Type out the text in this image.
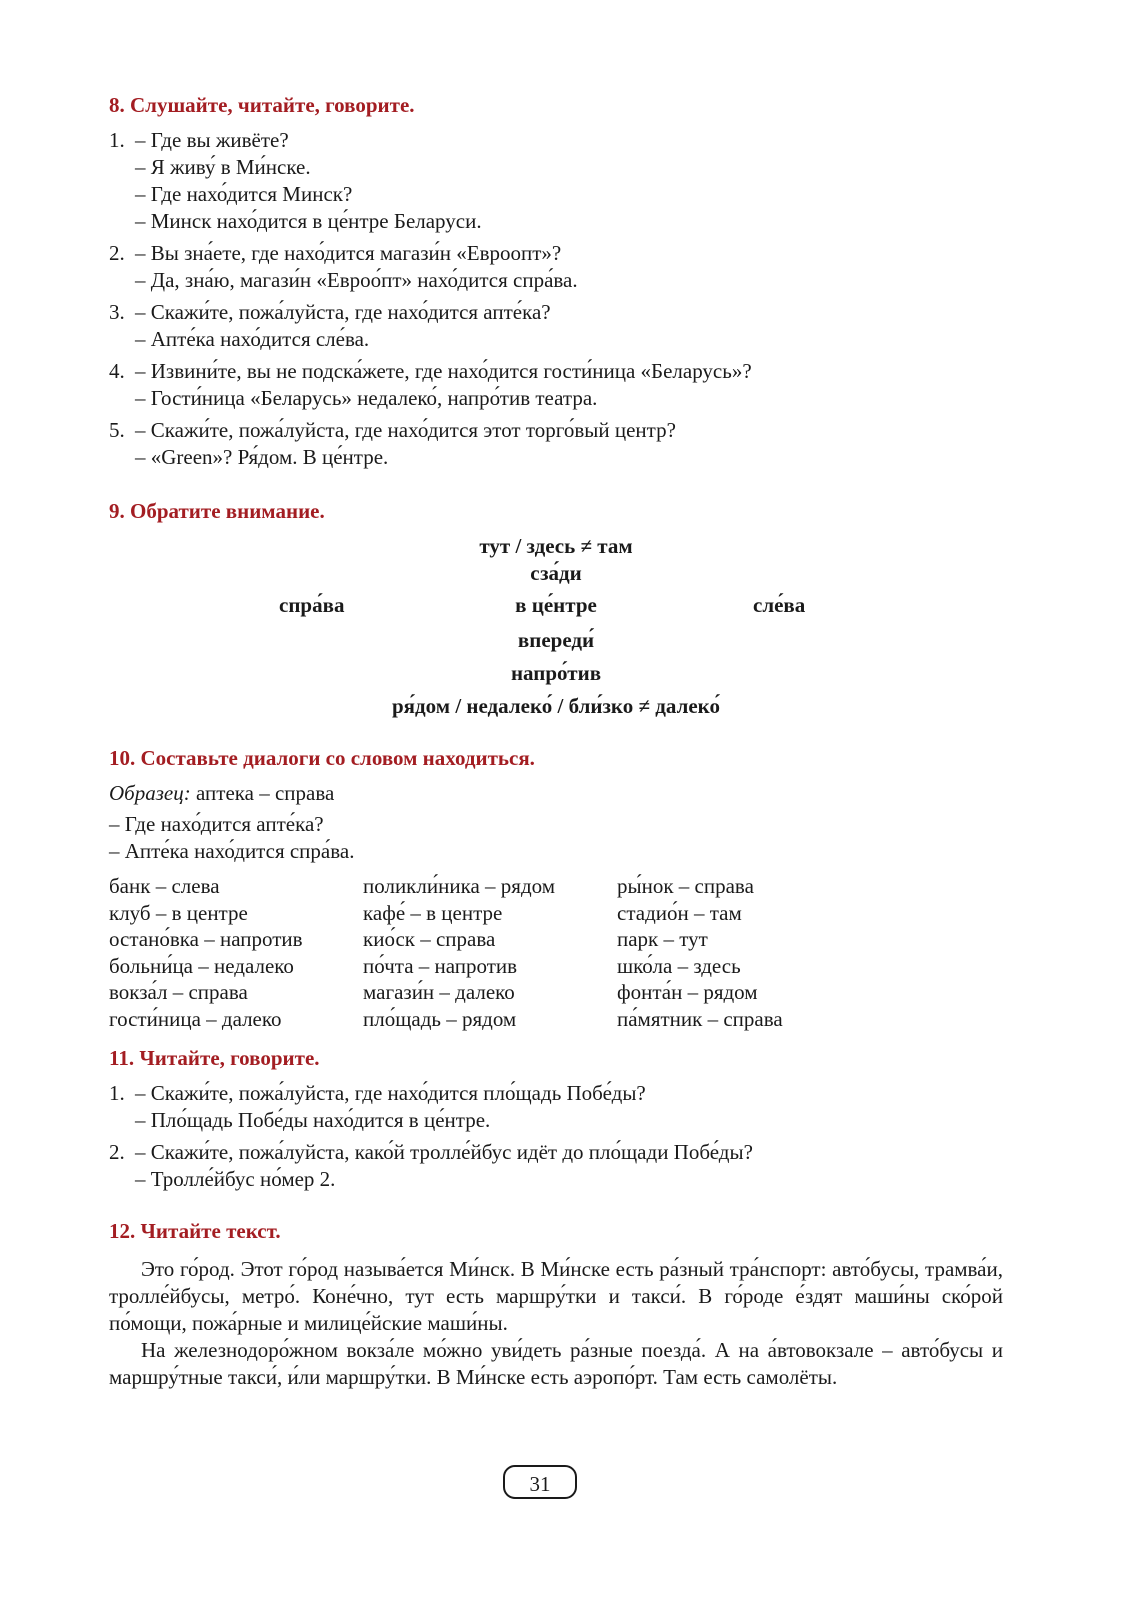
8. Слушайте, читайте, говорите.
1. – Где вы живёте?
– Я живу́ в Ми́нске.
– Где нахо́дится Минск?
– Минск нахо́дится в це́нтре Беларуси.
2. – Вы зна́ете, где нахо́дится магази́н «Евроопт»?
– Да, зна́ю, магази́н «Евроо́пт» нахо́дится спра́ва.
3. – Скажи́те, пожа́луйста, где нахо́дится апте́ка?
– Апте́ка нахо́дится сле́ва.
4. – Извини́те, вы не подска́жете, где нахо́дится гости́ница «Беларусь»?
– Гости́ница «Беларусь» недалеко́, напро́тив театра.
5. – Скажи́те, пожа́луйста, где нахо́дится этот торго́вый центр?
– «Green»? Ря́дом. В це́нтре.
9. Обратите внимание.
тут / здесь ≠ там
сза́ди
спра́ва	в це́нтре	сле́ва
впереди́
напро́тив
ря́дом / недалеко́ / бли́зко ≠ далеко́
10. Составьте диалоги со словом находиться.
Образец: аптека – справа
– Где нахо́дится апте́ка?
– Апте́ка нахо́дится спра́ва.
банк – слева	поликли́ника – рядом	ры́нок – справа
клуб – в центре	кафе́ – в центре	стадио́н – там
остано́вка – напротив	кио́ск – справа	парк – тут
больни́ца – недалеко	по́чта – напротив	шко́ла – здесь
вокза́л – справа	магази́н – далеко	фонта́н – рядом
гости́ница – далеко	пло́щадь – рядом	па́мятник – справа
11. Читайте, говорите.
1. – Скажи́те, пожа́луйста, где нахо́дится пло́щадь Побе́ды?
– Пло́щадь Побе́ды нахо́дится в це́нтре.
2. – Скажи́те, пожа́луйста, како́й тролле́йбус идёт до пло́щади Побе́ды?
– Тролле́йбус но́мер 2.
12. Читайте текст.

Это го́род. Этот го́род называ́ется Ми́нск. В Ми́нске есть ра́зный тра́нспорт: авто́бусы, трамва́и, тролле́йбусы, метро́. Коне́чно, тут есть маршру́тки и такси́. В го́роде е́здят маши́ны ско́рой по́мощи, пожа́рные и милице́йские маши́ны.

На железнодоро́жном вокза́ле мо́жно уви́деть ра́зные поезда́. А на а́втовокзале – авто́бусы и маршру́тные такси́, и́ли маршру́тки. В Ми́нске есть аэропо́рт. Там есть самолёты.

31
